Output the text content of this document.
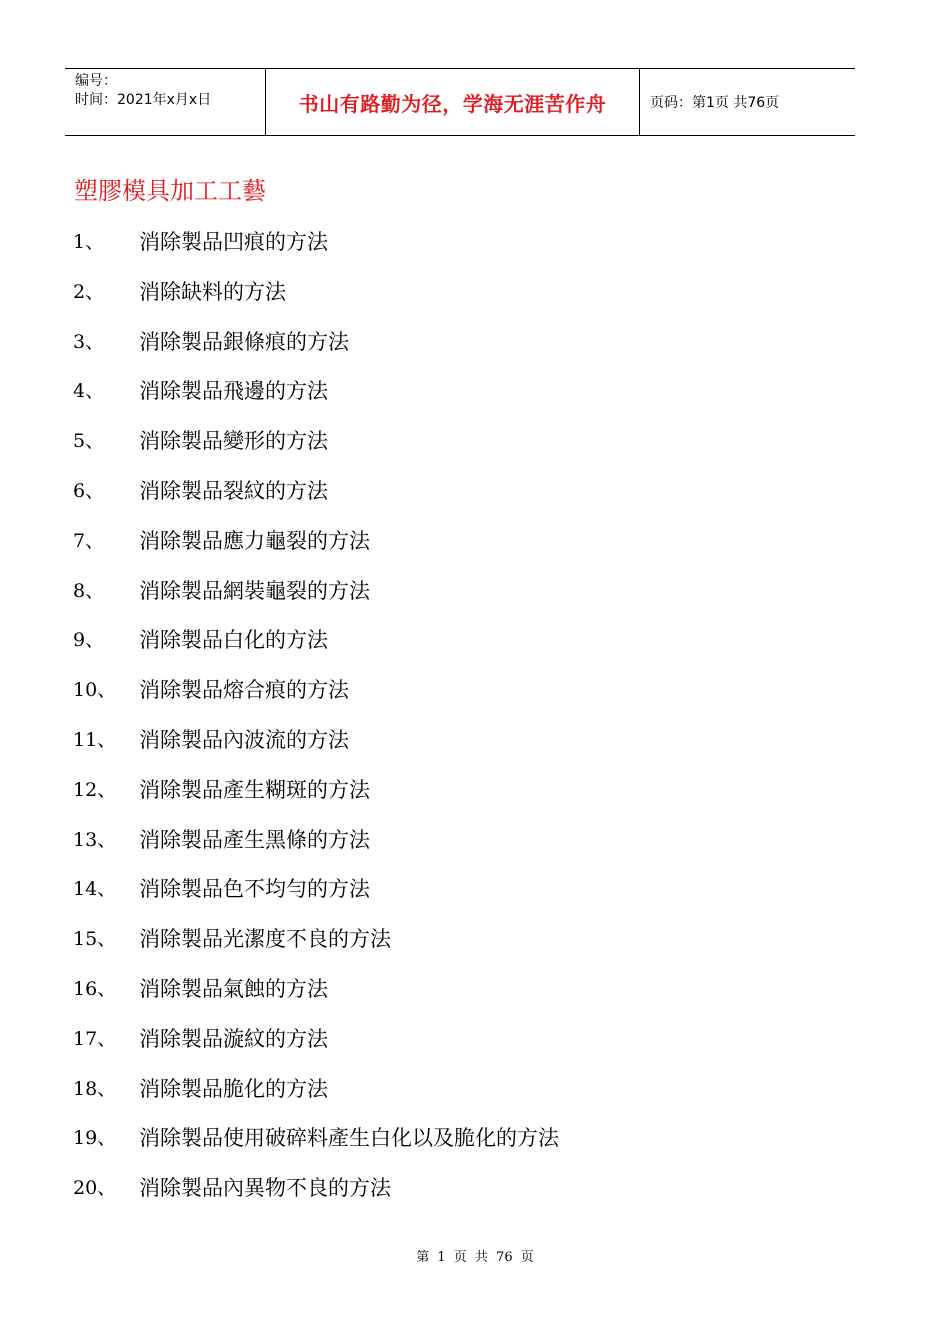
编号：
时间：2021年x月x日	书山有路勤为径，学海无涯苦作舟	页码：第1页 共76页
塑膠模具加工工藝
1、 消除製品凹痕的方法
2、 消除缺料的方法
3、 消除製品銀條痕的方法
4、 消除製品飛邊的方法
5、 消除製品變形的方法
6、 消除製品裂紋的方法
7、 消除製品應力龜裂的方法
8、 消除製品網裝龜裂的方法
9、 消除製品白化的方法
10、 消除製品熔合痕的方法
11、 消除製品內波流的方法
12、 消除製品產生糊斑的方法
13、 消除製品產生黑條的方法
14、 消除製品色不均勻的方法
15、 消除製品光潔度不良的方法
16、 消除製品氣蝕的方法
17、 消除製品漩紋的方法
18、 消除製品脆化的方法
19、 消除製品使用破碎料產生白化以及脆化的方法
20、 消除製品內異物不良的方法
第 1 页 共 76 页
